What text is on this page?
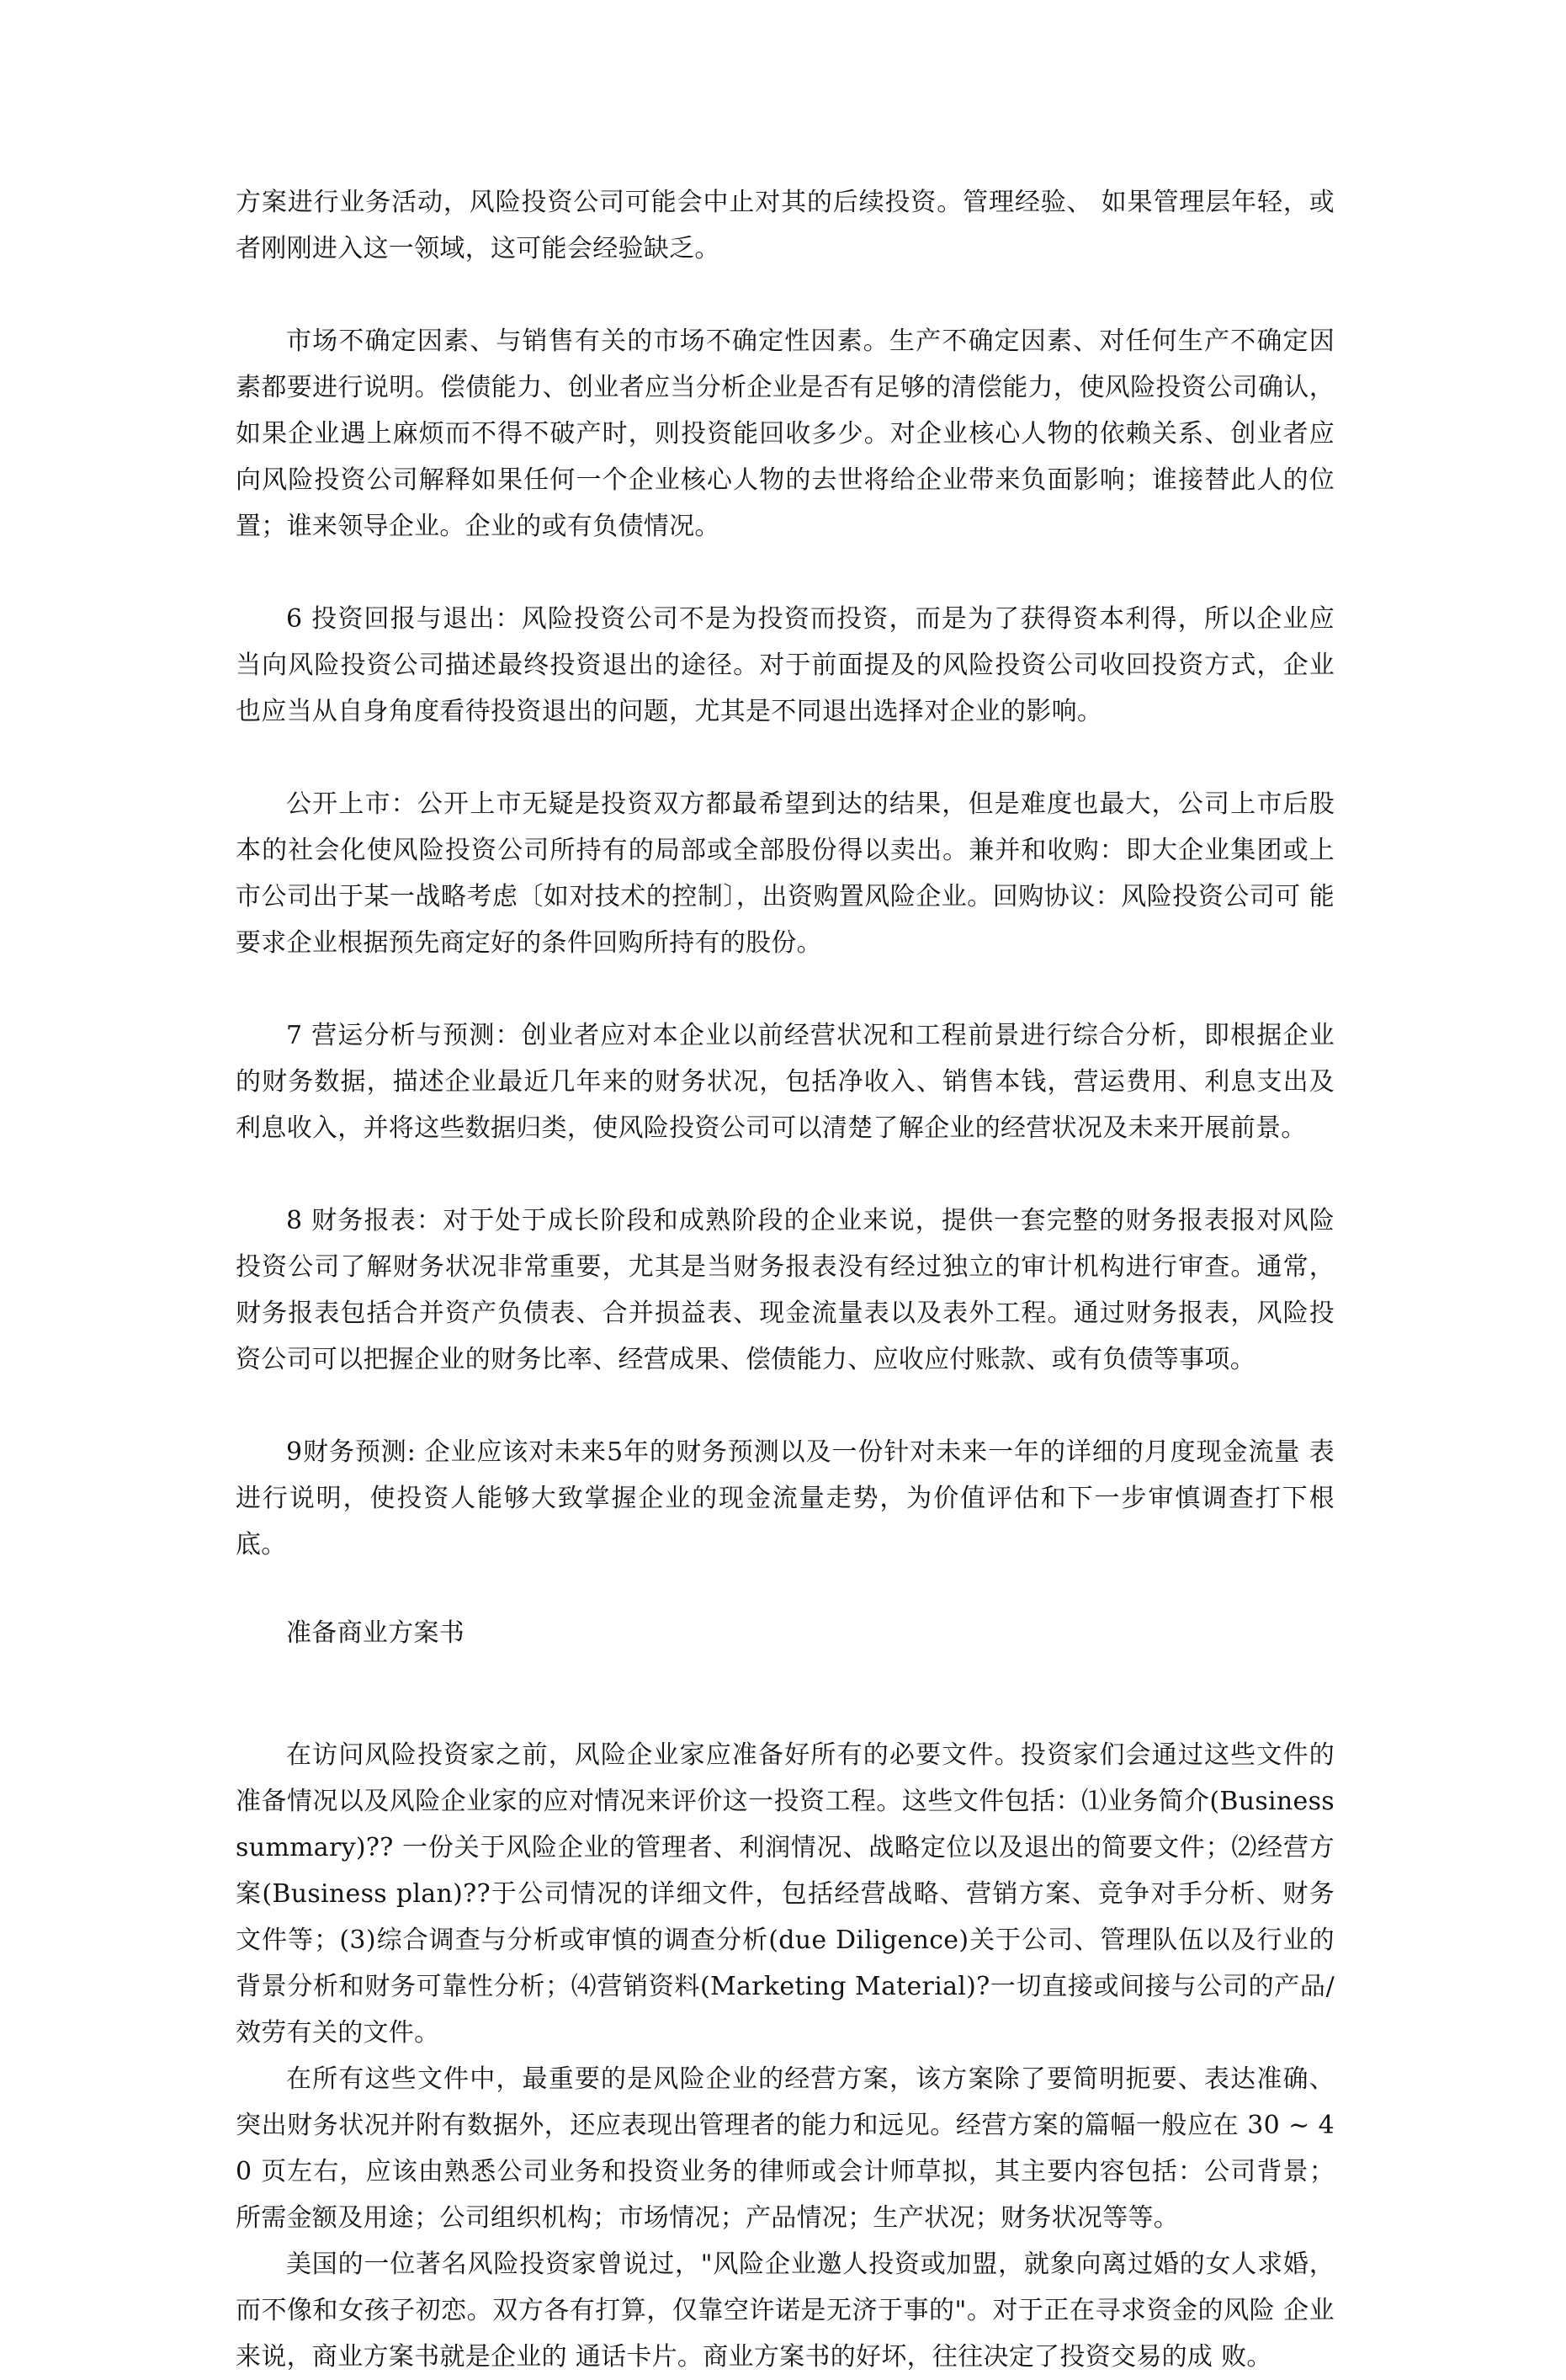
方案进行业务活动，风险投资公司可能会中止对其的后续投资。管理经验、 如果管理层年轻，或者刚刚进入这一领域，这可能会经验缺乏。

市场不确定因素、与销售有关的市场不确定性因素。生产不确定因素、对任何生产不确定因 素都要进行说明。偿债能力、创业者应当分析企业是否有足够的清偿能力，使风险投资公司确认， 如果企业遇上麻烦而不得不破产时，则投资能回收多少。对企业核心人物的依赖关系、创业者应 向风险投资公司解释如果任何一个企业核心人物的去世将给企业带来负面影响；谁接替此人的位 置；谁来领导企业。企业的或有负债情况。

6 投资回报与退出：风险投资公司不是为投资而投资，而是为了获得资本利得，所以企业应 当向风险投资公司描述最终投资退出的途径。对于前面提及的风险投资公司收回投资方式，企业 也应当从自身角度看待投资退出的问题，尤其是不同退出选择对企业的影响。

公开上市：公开上市无疑是投资双方都最希望到达的结果，但是难度也最大，公司上市后股 本的社会化使风险投资公司所持有的局部或全部股份得以卖出。兼并和收购：即大企业集团或上 市公司出于某一战略考虑〔如对技术的控制〕，出资购置风险企业。回购协议：风险投资公司可 能要求企业根据预先商定好的条件回购所持有的股份。

7 营运分析与预测：创业者应对本企业以前经营状况和工程前景进行综合分析，即根据企业 的财务数据，描述企业最近几年来的财务状况，包括净收入、销售本钱，营运费用、利息支出及 利息收入，并将这些数据归类，使风险投资公司可以清楚了解企业的经营状况及未来开展前景。

8 财务报表：对于处于成长阶段和成熟阶段的企业来说，提供一套完整的财务报表报对风险 投资公司了解财务状况非常重要，尤其是当财务报表没有经过独立的审计机构进行审查。通常， 财务报表包括合并资产负债表、合并损益表、现金流量表以及表外工程。通过财务报表，风险投 资公司可以把握企业的财务比率、经营成果、偿债能力、应收应付账款、或有负债等事项。

9财务预测: 企业应该对未来5年的财务预测以及一份针对未来一年的详细的月度现金流量 表进行说明，使投资人能够大致掌握企业的现金流量走势，为价值评估和下一步审慎调查打下根 底。

准备商业方案书

在访问风险投资家之前，风险企业家应准备好所有的必要文件。投资家们会通过这些文件的 准备情况以及风险企业家的应对情况来评价这一投资工程。这些文件包括：⑴业务简介(Business summary)?? 一份关于风险企业的管理者、利润情况、战略定位以及退出的简要文件；⑵经营方 案(Business plan)??于公司情况的详细文件，包括经营战略、营销方案、竞争对手分析、财务 文件等；(3)综合调查与分析或审慎的调查分析(due Diligence)关于公司、管理队伍以及行业的 背景分析和财务可靠性分析；⑷营销资料(Marketing Material)?一切直接或间接与公司的产品/ 效劳有关的文件。

在所有这些文件中，最重要的是风险企业的经营方案，该方案除了要简明扼要、表达准确、 突出财务状况并附有数据外，还应表现出管理者的能力和远见。经营方案的篇幅一般应在 30 ~ 40 页左右，应该由熟悉公司业务和投资业务的律师或会计师草拟，其主要内容包括：公司背景； 所需金额及用途；公司组织机构；市场情况；产品情况；生产状况；财务状况等等。

美国的一位著名风险投资家曾说过，"风险企业邀人投资或加盟，就象向离过婚的女人求婚， 而不像和女孩子初恋。双方各有打算，仅靠空许诺是无济于事的"。对于正在寻求资金的风险 企业来说，商业方案书就是企业的 通话卡片。商业方案书的好坏，往往决定了投资交易的成 败。
